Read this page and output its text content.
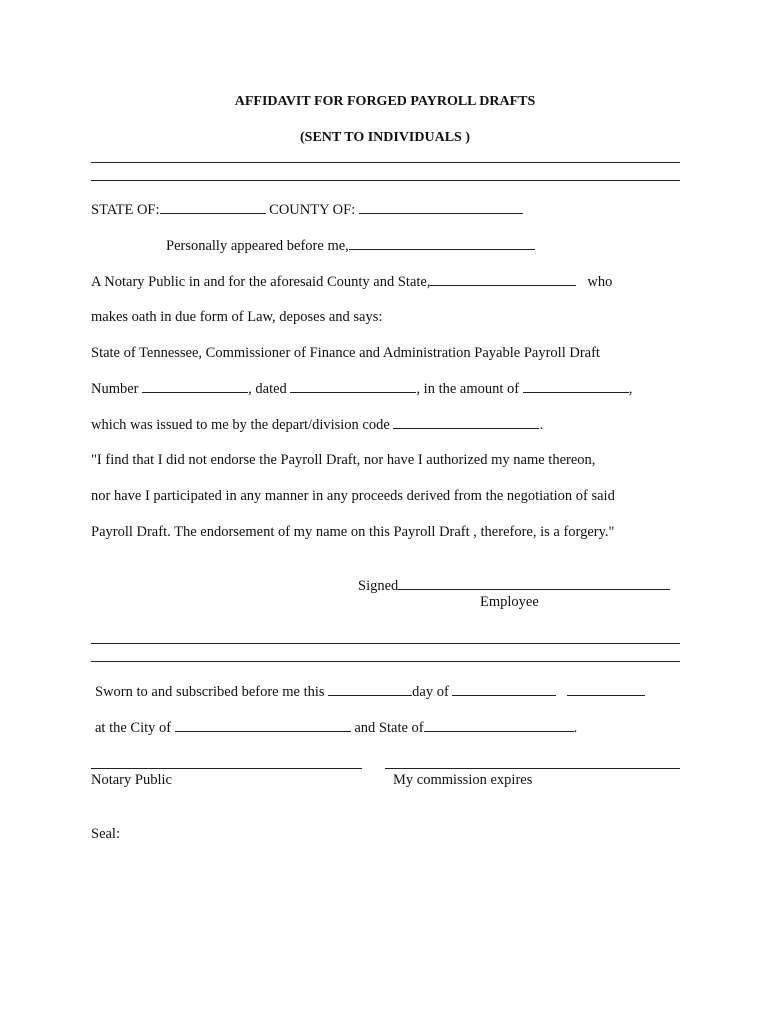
AFFIDAVIT FOR FORGED PAYROLL DRAFTS
(SENT TO INDIVIDUALS )
STATE OF:	COUNTY OF:
Personally appeared before me,
A Notary Public in and for the aforesaid County and State,	who
makes oath in due form of Law, deposes and says:
State of Tennessee, Commissioner of Finance and Administration Payable Payroll Draft
Number	, dated	, in the amount of	,
which was issued to me by the depart/division code	.
"I find that I did not endorse the Payroll Draft, nor have I authorized my name thereon,
nor have I participated in any manner in any proceeds derived from the negotiation of said
Payroll Draft. The endorsement of my name on this Payroll Draft , therefore, is a forgery."
Signed
Employee
Sworn to and subscribed before me this	day of
at the City of	and State of	.
Notary Public	My commission expires
Seal:
